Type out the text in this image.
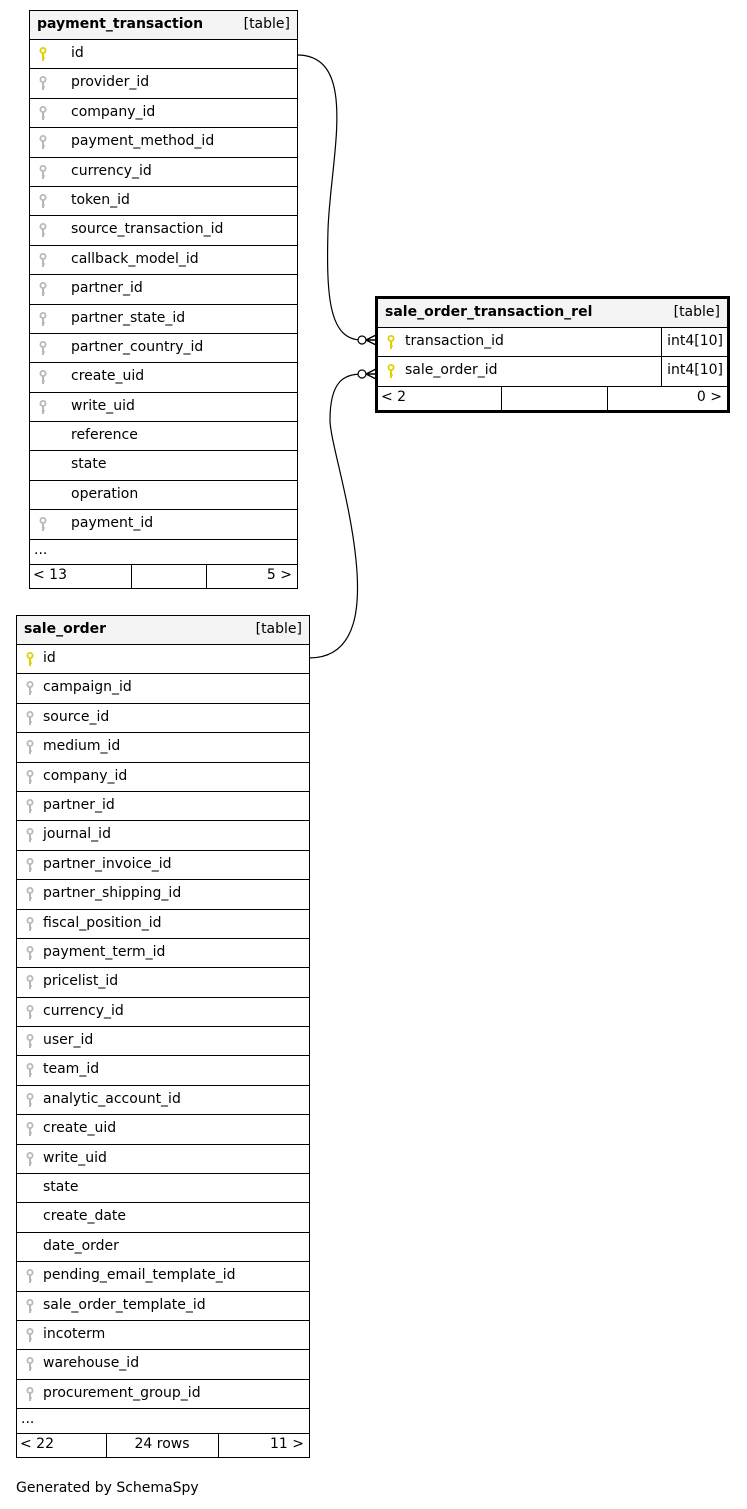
payment_transaction	[table]
id
provider_id
company_id
payment_method_id
currency_id
token_id
source_transaction_id
callback_model_id
partner_id
partner_state_id
partner_country_id
create_uid
write_uid
reference
state
operation
payment_id
...
< 13	5 >
sale_order_transaction_rel	[table]
transaction_id	int4[10]
sale_order_id	int4[10]
< 2	0 >
sale_order	[table]
id
campaign_id
source_id
medium_id
company_id
partner_id
journal_id
partner_invoice_id
partner_shipping_id
fiscal_position_id
payment_term_id
pricelist_id
currency_id
user_id
team_id
analytic_account_id
create_uid
write_uid
state
create_date
date_order
pending_email_template_id
sale_order_template_id
incoterm
warehouse_id
procurement_group_id
...
< 22	24 rows	11 >
Generated by SchemaSpy
